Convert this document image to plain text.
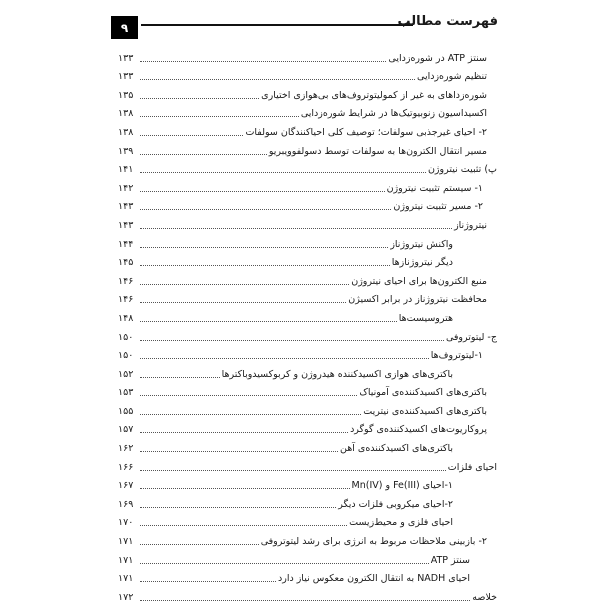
۹	فهرست مطالب
۱۳۳	سنتز ATP در شوره‌زدایی
۱۳۳	تنظیم شوره‌زدایی
۱۳۵	شوره‌زداهای به غیر از کمولیتوتروف‌های بی‌هوازی اختیاری
۱۳۸	اکسیداسیون زنوبیوتیک‌ها در شرایط شوره‌زدایی
۱۳۸	۲- احیای غیرجذبی سولفات؛ توصیف کلی احیاکنندگان سولفات
۱۳۹	مسیر انتقال الکترون‌ها به سولفات توسط دسولفوویبریو
۱۴۱	پ) تثبیت نیتروژن
۱۴۲	۱- سیستم تثبیت نیتروژن
۱۴۳	۲- مسیر تثبیت نیتروژن
۱۴۳	نیتروژناز
۱۴۴	واکنش نیتروژناز
۱۴۵	دیگر نیتروژنازها
۱۴۶	منبع الکترون‌ها برای احیای نیتروژن
۱۴۶	محافظت نیتروژناز در برابر اکسیژن
۱۴۸	هتروسیست‌ها
۱۵۰	ج- لیتوتروفی
۱۵۰	۱-لیتوتروف‌ها
۱۵۲	باکتری‌های هوازی اکسیدکننده هیدروژن و کربوکسیدوباکترها
۱۵۳	باکتری‌های اکسیدکننده‌ی آمونیاک
۱۵۵	باکتری‌های اکسیدکننده‌ی نیتریت
۱۵۷	پروکاریوت‌های اکسیدکننده‌ی گوگرد
۱۶۲	باکتری‌های اکسیدکننده‌ی آهن
۱۶۶	احیای فلزات
۱۶۷	۱-احیای Fe(III) و Mn(IV)
۱۶۹	۲-احیای میکروبی فلزات دیگر
۱۷۰	احیای فلزی و محیط‌زیست
۱۷۱	۲- بازبینی ملاحظات مربوط به انرژی برای رشد لیتوتروفی
۱۷۱	سنتز ATP
۱۷۱	احیای NADH به انتقال الکترون معکوس نیاز دارد
۱۷۲	خلاصه
